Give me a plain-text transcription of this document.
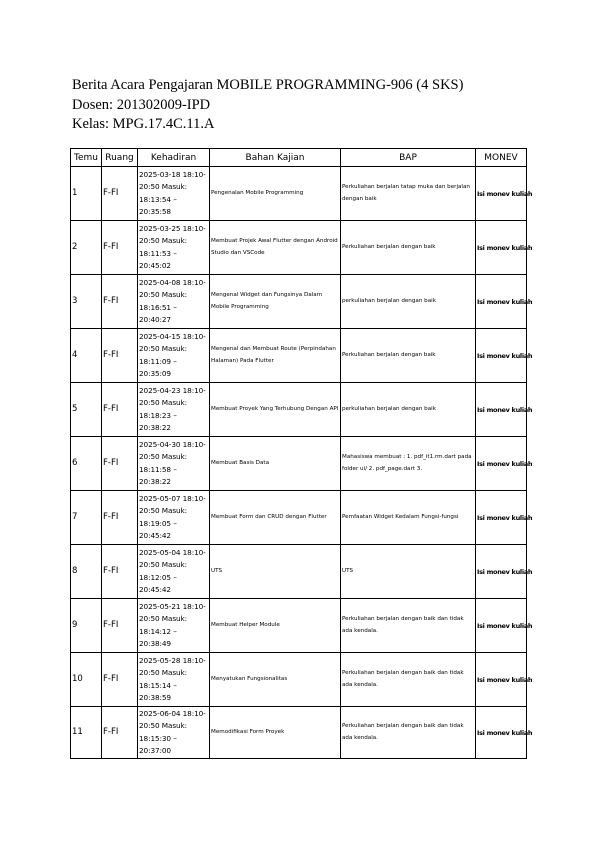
Berita Acara Pengajaran MOBILE PROGRAMMING-906 (4 SKS)
Dosen: 201302009-IPD
Kelas: MPG.17.4C.11.A
Temu	Ruang	Kehadiran	Bahan Kajian	BAP	MONEV
1	F-FI	2025-03-18 18:10-20:50 Masuk: 18:13:54 – 20:35:58	Pengenalan Mobile Programming	Perkuliahan berjalan tatap muka dan berjalan dengan baik	Isi monev kuliah
2	F-FI	2025-03-25 18:10-20:50 Masuk: 18:11:53 – 20:45:02	Membuat Projek Awal Flutter dengan Android Studio dan VSCode	Perkuliahan berjalan dengan baik	Isi monev kuliah
3	F-FI	2025-04-08 18:10-20:50 Masuk: 18:16:51 – 20:40:27	Mengenal Widget dan Fungsinya Dalam Mobile Programming	perkuliahan berjalan dengan baik	Isi monev kuliah
4	F-FI	2025-04-15 18:10-20:50 Masuk: 18:11:09 – 20:35:09	Mengenal dan Membuat Route (Perpindahan Halaman) Pada Flutter	Perkuliahan berjalan dengan baik	Isi monev kuliah
5	F-FI	2025-04-23 18:10-20:50 Masuk: 18:18:23 – 20:38:22	Membuat Proyek Yang Terhubung Dengan API	perkuliahan berjalan dengan baik	Isi monev kuliah
6	F-FI	2025-04-30 18:10-20:50 Masuk: 18:11:58 – 20:38:22	Membuat Basis Data	Mahasiswa membuat : 1. pdf_it1.rm.dart pada folder ui/ 2. pdf_page.dart 3.	Isi monev kuliah
7	F-FI	2025-05-07 18:10-20:50 Masuk: 18:19:05 – 20:45:42	Membuat Form dan CRUD dengan Flutter	Pemfaatan Widget Kedalam Fungsi-fungsi	Isi monev kuliah
8	F-FI	2025-05-04 18:10-20:50 Masuk: 18:12:05 – 20:45:42	UTS	UTS	Isi monev kuliah
9	F-FI	2025-05-21 18:10-20:50 Masuk: 18:14:12 – 20:38:49	Membuat Helper Module	Perkuliahan berjalan dengan baik dan tidak ada kendala.	Isi monev kuliah
10	F-FI	2025-05-28 18:10-20:50 Masuk: 18:15:14 – 20:38:59	Menyatukan Fungsionalitas	Perkuliahan berjalan dengan baik dan tidak ada kendala.	Isi monev kuliah
11	F-FI	2025-06-04 18:10-20:50 Masuk: 18:15:30 – 20:37:00	Memodifikasi Form Proyek	Perkuliahan berjalan dengan baik dan tidak ada kendala.	Isi monev kuliah
